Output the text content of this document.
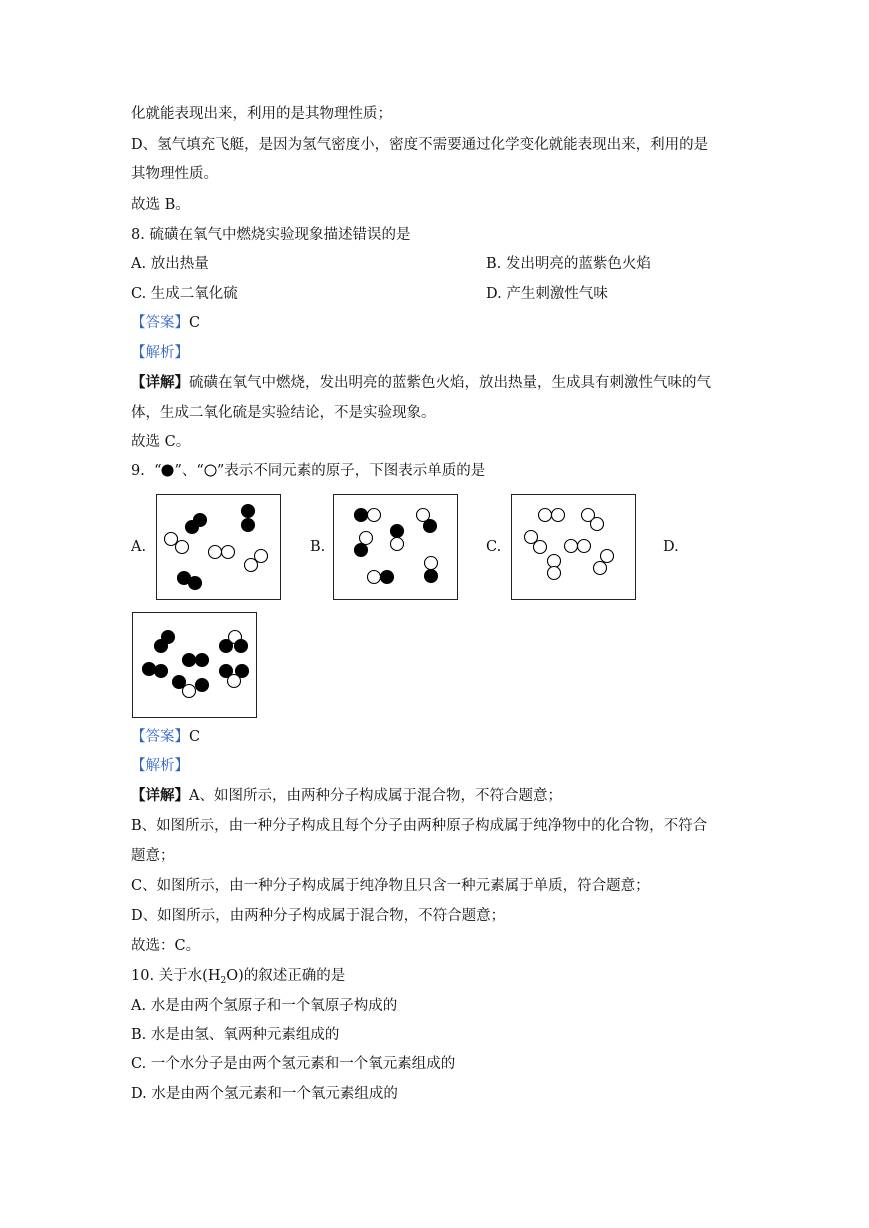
化就能表现出来，利用的是其物理性质；
D、氢气填充飞艇，是因为氢气密度小，密度不需要通过化学变化就能表现出来，利用的是
其物理性质。
故选 B。
8. 硫磺在氧气中燃烧实验现象描述错误的是
A. 放出热量	B. 发出明亮的蓝紫色火焰
C. 生成二氧化硫	D. 产生刺激性气味
【答案】C
【解析】
【详解】硫磺在氧气中燃烧，发出明亮的蓝紫色火焰，放出热量，生成具有刺激性气味的气
体，生成二氧化硫是实验结论，不是实验现象。
故选 C。
9. “ ”、“ ”表示不同元素的原子，下图表示单质的是
A.	B.	C.	D.
【答案】C
【解析】
【详解】A、如图所示，由两种分子构成属于混合物，不符合题意；
B、如图所示，由一种分子构成且每个分子由两种原子构成属于纯净物中的化合物，不符合
题意；
C、如图所示，由一种分子构成属于纯净物且只含一种元素属于单质，符合题意；
D、如图所示，由两种分子构成属于混合物，不符合题意；
故选：C。
10. 关于水$(H_2O)$的叙述正确的是
A. 水是由两个氢原子和一个氧原子构成的
B. 水是由氢、氧两种元素组成的
C. 一个水分子是由两个氢元素和一个氧元素组成的
D. 水是由两个氢元素和一个氧元素组成的
